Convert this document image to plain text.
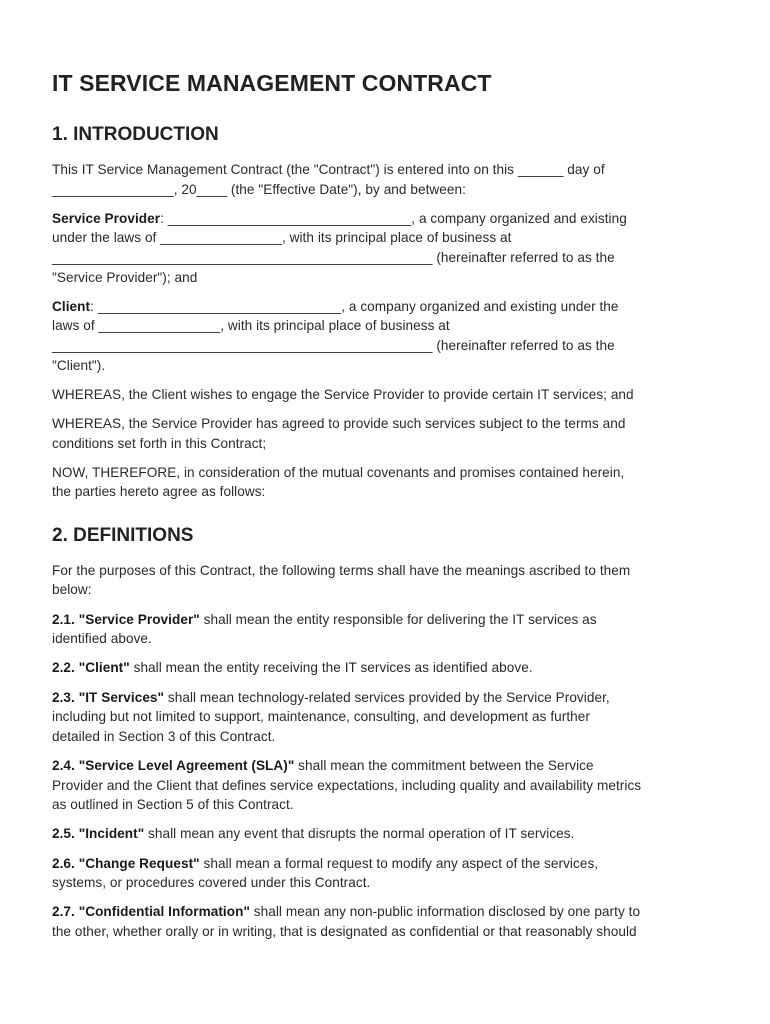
IT SERVICE MANAGEMENT CONTRACT
1. INTRODUCTION

This IT Service Management Contract (the "Contract") is entered into on this ______ day of
________________, 20____ (the "Effective Date"), by and between:

Service Provider: ________________________________, a company organized and existing
under the laws of ________________, with its principal place of business at
__________________________________________________ (hereinafter referred to as the
"Service Provider"); and

Client: ________________________________, a company organized and existing under the
laws of ________________, with its principal place of business at
__________________________________________________ (hereinafter referred to as the
"Client").

WHEREAS, the Client wishes to engage the Service Provider to provide certain IT services; and

WHEREAS, the Service Provider has agreed to provide such services subject to the terms and
conditions set forth in this Contract;

NOW, THEREFORE, in consideration of the mutual covenants and promises contained herein,
the parties hereto agree as follows:

2. DEFINITIONS

For the purposes of this Contract, the following terms shall have the meanings ascribed to them
below:

2.1. "Service Provider" shall mean the entity responsible for delivering the IT services as
identified above.

2.2. "Client" shall mean the entity receiving the IT services as identified above.

2.3. "IT Services" shall mean technology-related services provided by the Service Provider,
including but not limited to support, maintenance, consulting, and development as further
detailed in Section 3 of this Contract.

2.4. "Service Level Agreement (SLA)" shall mean the commitment between the Service
Provider and the Client that defines service expectations, including quality and availability metrics
as outlined in Section 5 of this Contract.

2.5. "Incident" shall mean any event that disrupts the normal operation of IT services.

2.6. "Change Request" shall mean a formal request to modify any aspect of the services,
systems, or procedures covered under this Contract.

2.7. "Confidential Information" shall mean any non-public information disclosed by one party to
the other, whether orally or in writing, that is designated as confidential or that reasonably should
